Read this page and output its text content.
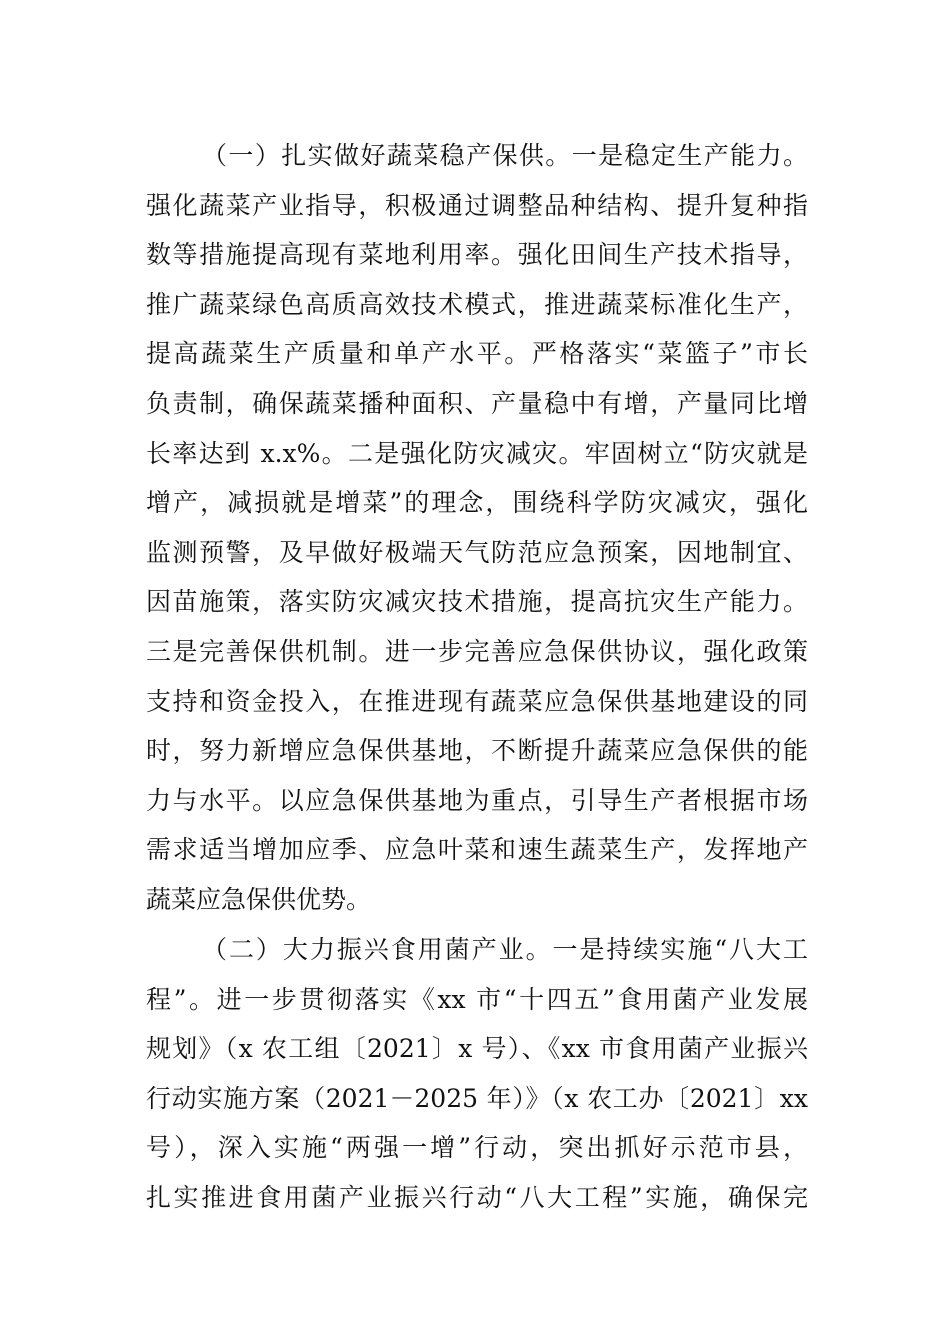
（一）扎实做好蔬菜稳产保供。一是稳定生产能力。
强化蔬菜产业指导，积极通过调整品种结构、提升复种指
数等措施提高现有菜地利用率。强化田间生产技术指导，
推广蔬菜绿色高质高效技术模式，推进蔬菜标准化生产，
提高蔬菜生产质量和单产水平。严格落实“菜篮子”市长
负责制，确保蔬菜播种面积、产量稳中有增，产量同比增
长率达到 x.x%。二是强化防灾减灾。牢固树立“防灾就是
增产，减损就是增菜”的理念，围绕科学防灾减灾，强化
监测预警，及早做好极端天气防范应急预案，因地制宜、
因苗施策，落实防灾减灾技术措施，提高抗灾生产能力。
三是完善保供机制。进一步完善应急保供协议，强化政策
支持和资金投入，在推进现有蔬菜应急保供基地建设的同
时，努力新增应急保供基地，不断提升蔬菜应急保供的能
力与水平。以应急保供基地为重点，引导生产者根据市场
需求适当增加应季、应急叶菜和速生蔬菜生产，发挥地产
蔬菜应急保供优势。
（二）大力振兴食用菌产业。一是持续实施“八大工
程”。进一步贯彻落实《xx 市“十四五”食用菌产业发展
规划》（x 农工组〔2021〕x 号）、《xx 市食用菌产业振兴
行动实施方案（2021－2025 年）》（x 农工办〔2021〕xx
号），深入实施“两强一增”行动，突出抓好示范市县，
扎实推进食用菌产业振兴行动“八大工程”实施，确保完
